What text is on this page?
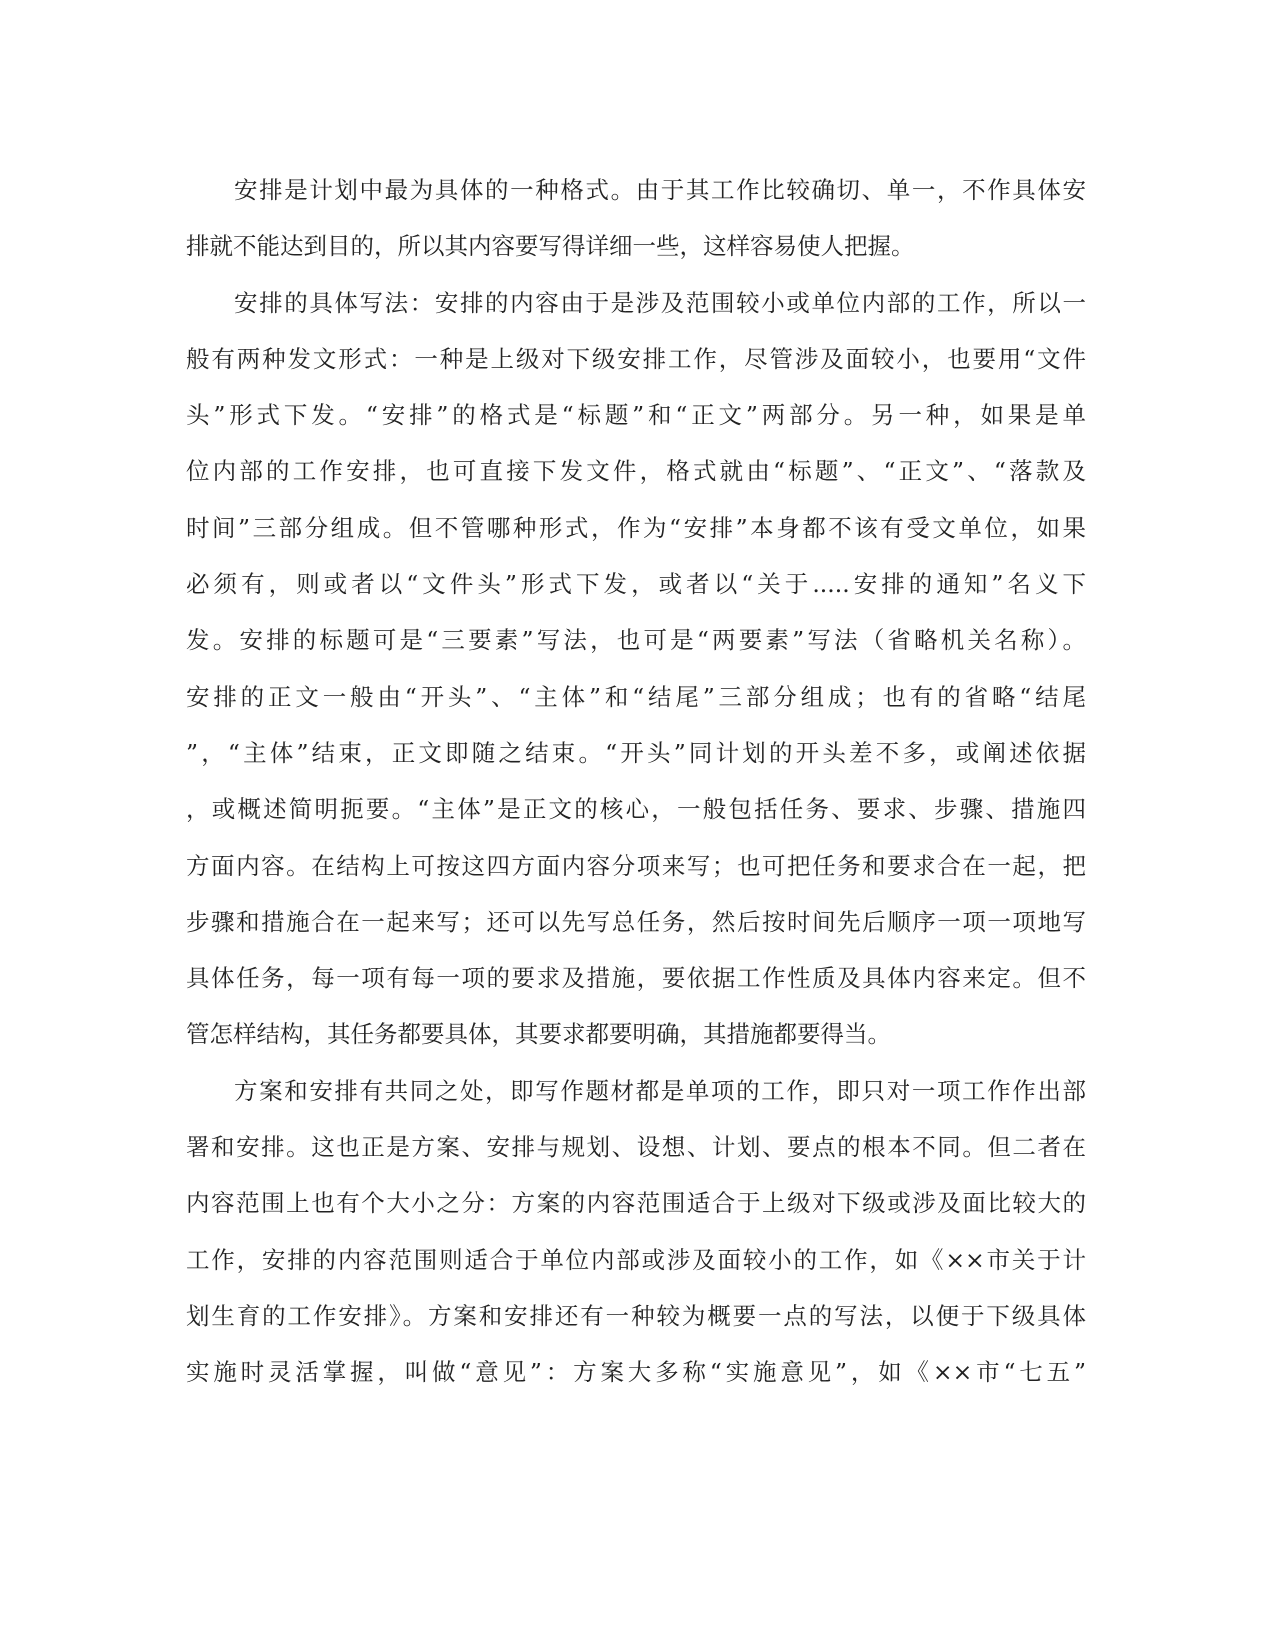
安排是计划中最为具体的一种格式。由于其工作比较确切、单一，不作具体安
排就不能达到目的，所以其内容要写得详细一些，这样容易使人把握。
安排的具体写法：安排的内容由于是涉及范围较小或单位内部的工作，所以一
般有两种发文形式：一种是上级对下级安排工作，尽管涉及面较小，也要用“文件
头”形式下发。“安排”的格式是“标题”和“正文”两部分。另一种，如果是单
位内部的工作安排，也可直接下发文件，格式就由“标题”、“正文”、“落款及
时间”三部分组成。但不管哪种形式，作为“安排”本身都不该有受文单位，如果
必须有，则或者以“文件头”形式下发，或者以“关于.....安排的通知”名义下
发。安排的标题可是“三要素”写法，也可是“两要素”写法（省略机关名称）。
安排的正文一般由“开头”、“主体”和“结尾”三部分组成；也有的省略“结尾
”，“主体”结束，正文即随之结束。“开头”同计划的开头差不多，或阐述依据
，或概述简明扼要。“主体”是正文的核心，一般包括任务、要求、步骤、措施四
方面内容。在结构上可按这四方面内容分项来写；也可把任务和要求合在一起，把
步骤和措施合在一起来写；还可以先写总任务，然后按时间先后顺序一项一项地写
具体任务，每一项有每一项的要求及措施，要依据工作性质及具体内容来定。但不
管怎样结构，其任务都要具体，其要求都要明确，其措施都要得当。
方案和安排有共同之处，即写作题材都是单项的工作，即只对一项工作作出部
署和安排。这也正是方案、安排与规划、设想、计划、要点的根本不同。但二者在
内容范围上也有个大小之分：方案的内容范围适合于上级对下级或涉及面比较大的
工作，安排的内容范围则适合于单位内部或涉及面较小的工作，如《××市关于计
划生育的工作安排》。方案和安排还有一种较为概要一点的写法，以便于下级具体
实施时灵活掌握，叫做“意见”：方案大多称“实施意见”，如《××市“七五”
